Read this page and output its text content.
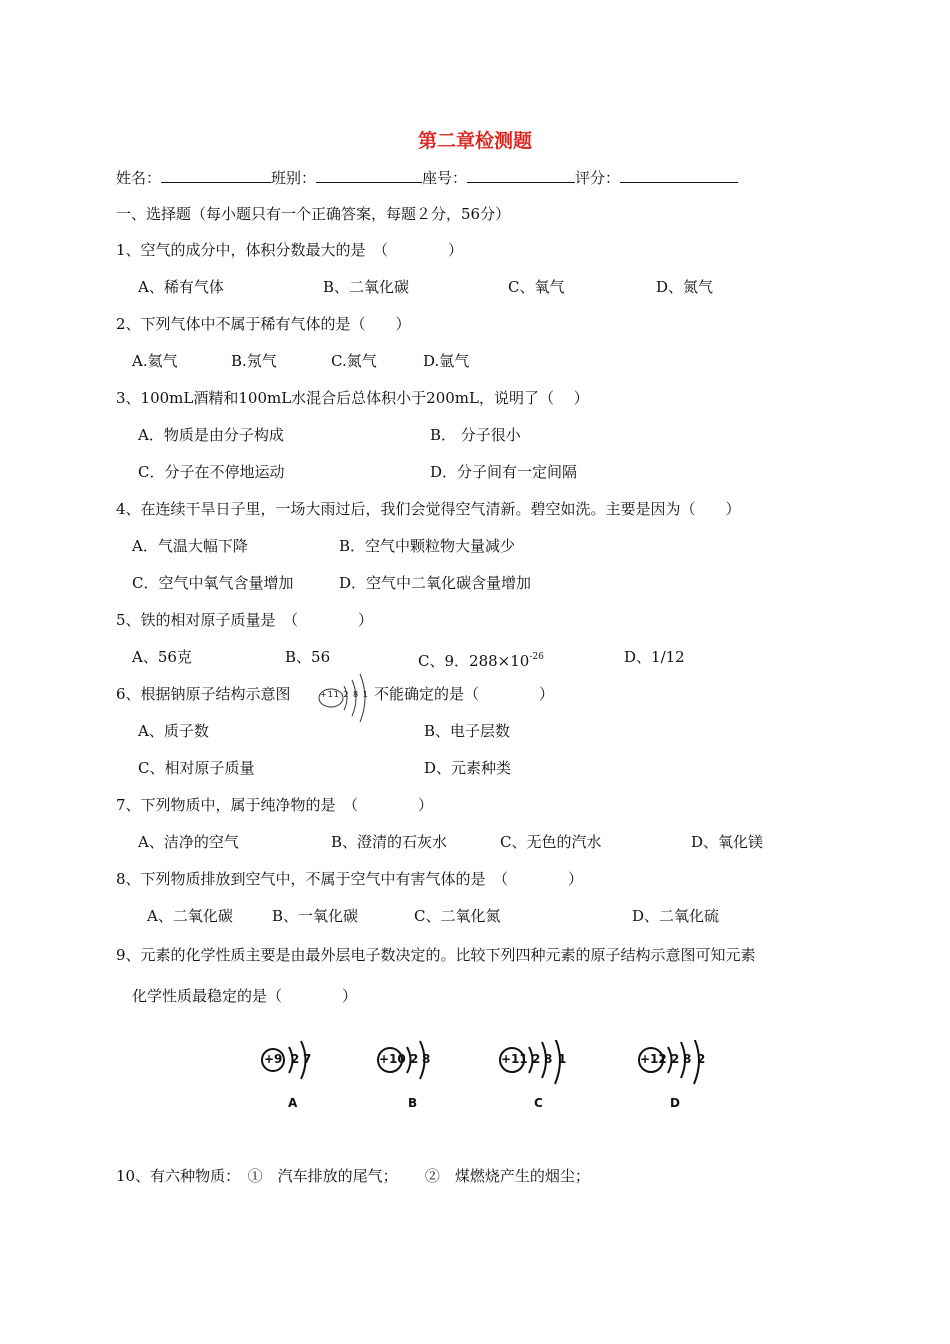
第二章检测题
姓名：	班别：	座号：	评分：
一、选择题（每小题只有一个正确答案，每题２分，56分）
1、空气的成分中，体积分数最大的是　（　　　　）
A、稀有气体	B、二氧化碳	C、氧气	D、氮气
2、下列气体中不属于稀有气体的是（　　）
A.氦气	B.氖气	C.氮气	D.氩气
3、100mL酒精和100mL水混合后总体积小于200mL，说明了（　 ）
A．物质是由分子构成	B． 分子很小
C．分子在不停地运动	D．分子间有一定间隔
4、在连续干旱日子里，一场大雨过后，我们会觉得空气清新。碧空如洗。主要是因为（　　）
A．气温大幅下降	B．空气中颗粒物大量减少
C．空气中氧气含量增加	D．空气中二氧化碳含量增加
5、铁的相对原子质量是　（　　　　）
A、56克	B、56	C、9．$288\times 10^{-26}$	D、1/12
6、根据钠原子结构示意图	+11 2 8 1 不能确定的是（　　　　）
A、质子数	B、电子层数
C、相对原子质量	D、元素种类
7、下列物质中，属于纯净物的是　（　　　　）
A、洁净的空气	B、澄清的石灰水	C、无色的汽水	D、氧化镁
8、下列物质排放到空气中，不属于空气中有害气体的是　（　　　　）
A、二氧化碳	B、一氧化碳	C、二氧化氮	D、二氧化硫
9、元素的化学性质主要是由最外层电子数决定的。比较下列四种元素的原子结构示意图可知元素
化学性质最稳定的是（　　　　）
+9 2 7
A
+10 2 8
B
+11 2 8 1
C
+12 2 8 2
D
10、有六种物质：　①　汽车排放的尾气；　　 ②　煤燃烧产生的烟尘；
